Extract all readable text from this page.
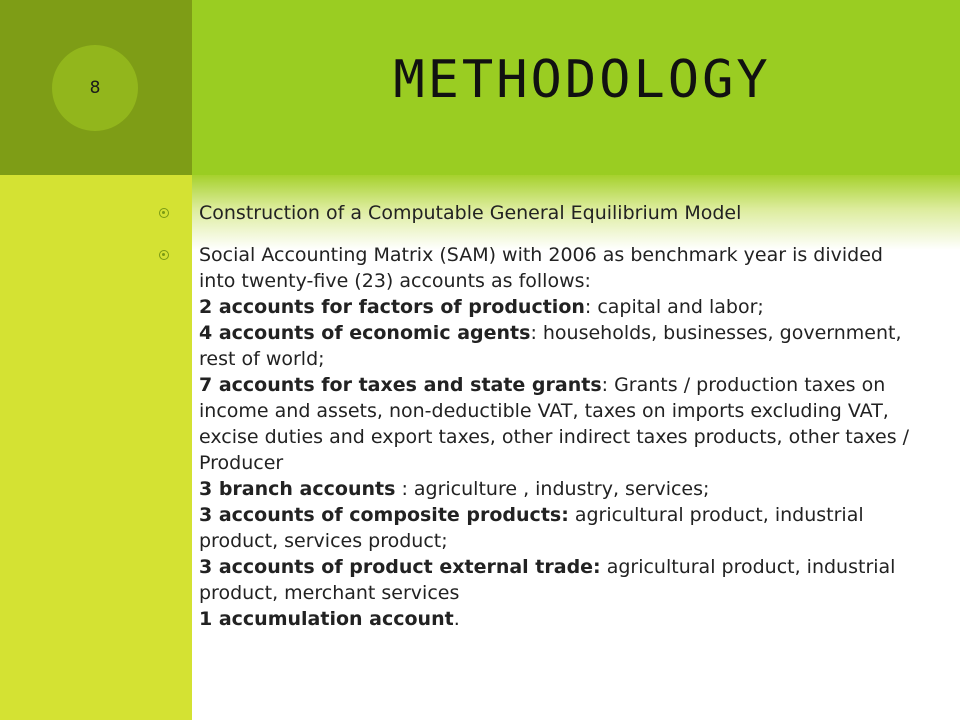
8	METHODOLOGY
Construction of a Computable General Equilibrium Model
Social Accounting Matrix (SAM) with 2006 as benchmark year is divided into twenty-five (23) accounts as follows:
2 accounts for factors of production: capital and labor;
4 accounts of economic agents: households, businesses, government, rest of world;
7 accounts for taxes and state grants: Grants / production taxes on income and assets, non-deductible VAT, taxes on imports excluding VAT, excise duties and export taxes, other indirect taxes products, other taxes / Producer
3 branch accounts : agriculture , industry, services;
3 accounts of composite products: agricultural product, industrial product, services product;
3 accounts of product external trade: agricultural product, industrial product, merchant services
1 accumulation account.
